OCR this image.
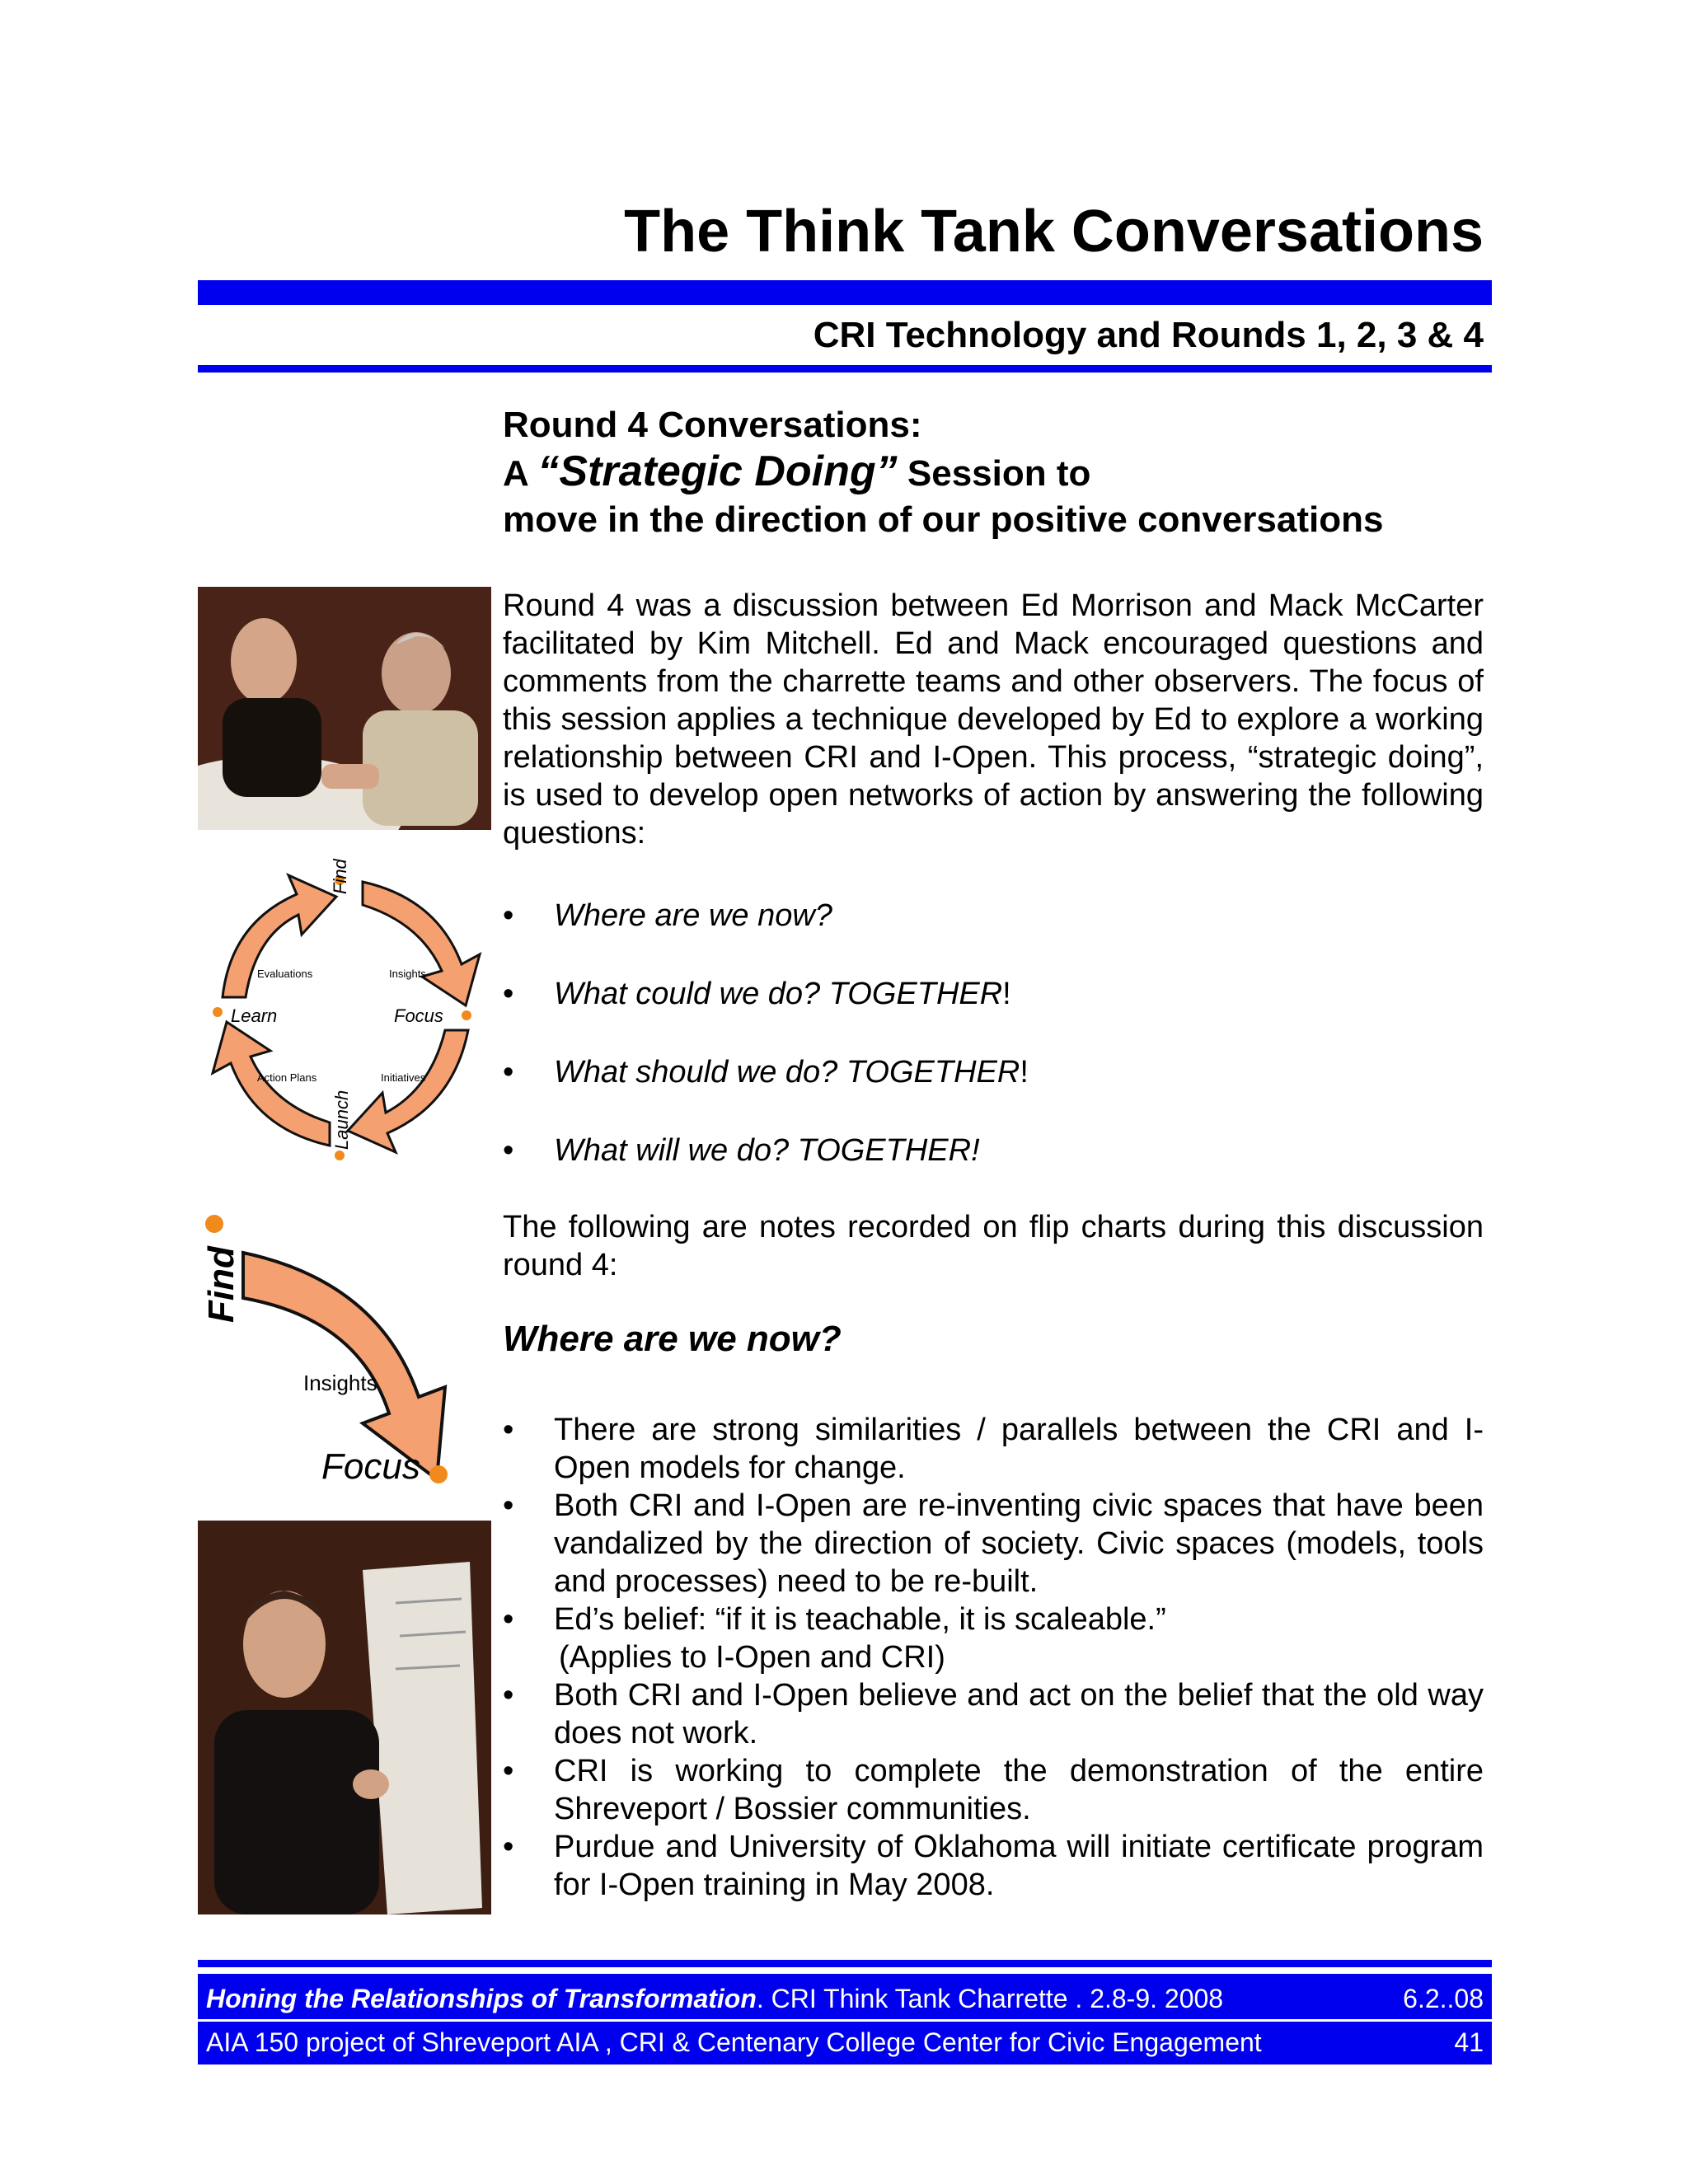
The Think Tank Conversations
CRI Technology and Rounds 1, 2, 3 & 4
Round 4 Conversations:
A “Strategic Doing” Session to
move in the direction of our positive conversations
Round 4 was a discussion between Ed Morrison and Mack McCarter facilitated by Kim Mitchell. Ed and Mack encouraged questions and comments from the charrette teams and other observers. The focus of this session applies a technique developed by Ed to explore a working relationship between CRI and I-Open. This process, “strategic doing”, is used to develop open networks of action by answering the following questions:
Find
Focus
Launch
Learn
Insights
Initiatives
Action Plans
Evaluations
• Where are we now?
• What could we do? TOGETHER!
• What should we do? TOGETHER!
• What will we do? TOGETHER!
The following are notes recorded on flip charts during this discussion round 4:
Find
Insights
Focus
Where are we now?
• There are strong similarities / parallels between the CRI and I-Open models for change.
• Both CRI and I-Open are re-inventing civic spaces that have been vandalized by the direction of society. Civic spaces (models, tools and processes) need to be re-built.
• Ed’s belief: “if it is teachable, it is scaleable.”
(Applies to I-Open and CRI)
• Both CRI and I-Open believe and act on the belief that the old way does not work.
• CRI is working to complete the demonstration of the entire Shreveport / Bossier communities.
• Purdue and University of Oklahoma will initiate certificate program for I-Open training in May 2008.
Honing the Relationships of Transformation. CRI Think Tank Charrette . 2.8-9. 2008	6.2..08
AIA 150 project of Shreveport AIA , CRI & Centenary College Center for Civic Engagement	41
